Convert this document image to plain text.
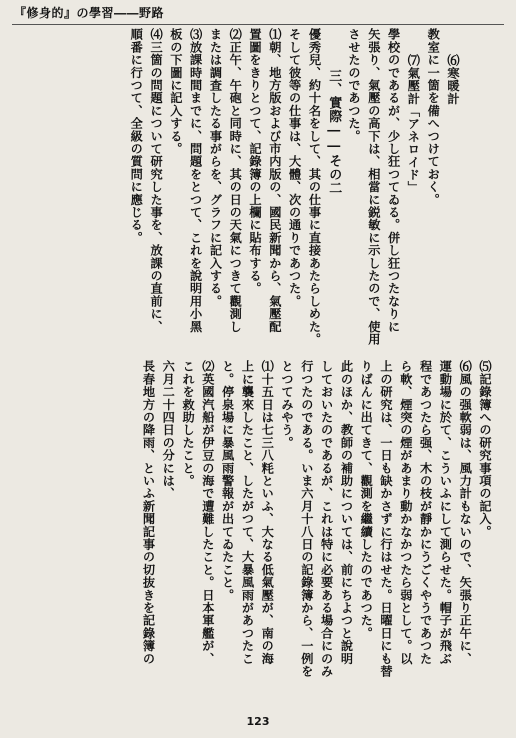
『修身的』の學習――野路

⑹寒暖計

教室に一箇を備へつけておく。

⑺氣壓計「アネロイド」

學校のであるが、少し狂つてゐる。併し狂つたなりに

矢張り、氣壓の高下は、相當に鋭敏に示したので、使用

させたのであつた。

三、實際――その二

優秀兒、約十名をして、其の仕事に直接あたらしめた。

そして彼等の仕事は、大體、次の通りであつた。

⑴朝、地方版および市内版の、國民新聞から、氣壓配

置圖をきりとつて、記錄簿の上欄に貼布する。

⑵正午、午砲と同時に、其の日の天氣につきて觀測し

または調査したる事がらを、グラフに記入する。

⑶放課時間までに、問題をとつて、これを說明用小黑

板の下圖に記入する。

⑷三箇の問題について研究した事を、放課の直前に、

順番に行つて、全級の質問に應じる。

⑸記錄簿への研究事項の記入。

⑹風の强軟弱は、風力計もないので、矢張り正午に、

運動場に於て、こういふにして測らせた。帽子が飛ぶ

程であつたら强、木の枝が靜かにうごくやうであつた

ら軟、煙突の煙があまり動かなかつたら弱として。以

上の研究は、一日も缺かさずに行はせた。日曜日にも替

りばんに出てきて、觀測を繼續したのであつた。

此のほか、教師の補助については、前にちよつと說明

しておいたのであるが、これは特に必要ある場合にのみ

行つたのである。いま六月十八日の記錄簿から、一例を

とつてみやう。

⑴十五日は七三八粍といふ、大なる低氣壓が、南の海

上に襲來したこと、したがつて、大暴風雨があつたこ

と。停泉場に暴風雨警報が出てゐたこと。

⑵英國汽船が伊豆の海で遭難したこと。日本軍艦が、

これを救助したこと。

六月二十四日の分には、

長春地方の降雨、といふ新聞記事の切抜きを記錄簿の

123
